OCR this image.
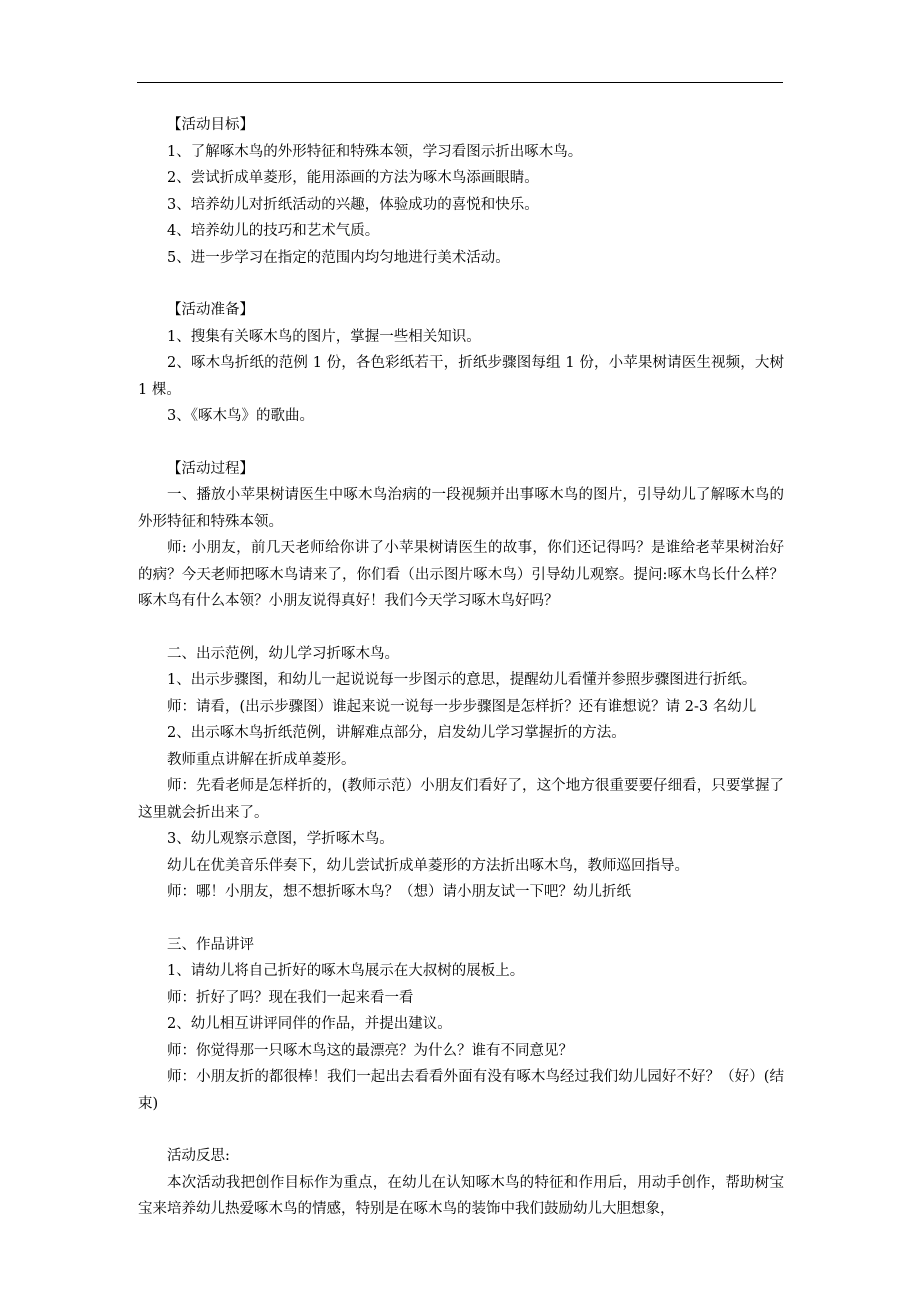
【活动目标】

1、了解啄木鸟的外形特征和特殊本领，学习看图示折出啄木鸟。

2、尝试折成单菱形，能用添画的方法为啄木鸟添画眼睛。

3、培养幼儿对折纸活动的兴趣，体验成功的喜悦和快乐。

4、培养幼儿的技巧和艺术气质。

5、进一步学习在指定的范围内均匀地进行美术活动。

【活动准备】

1、搜集有关啄木鸟的图片，掌握一些相关知识。

2、啄木鸟折纸的范例 1 份，各色彩纸若干，折纸步骤图每组 1 份，小苹果树请医生视频，大树 1 棵。

3、《啄木鸟》的歌曲。

【活动过程】

一、播放小苹果树请医生中啄木鸟治病的一段视频并出事啄木鸟的图片，引导幼儿了解啄木鸟的外形特征和特殊本领。

师: 小朋友，前几天老师给你讲了小苹果树请医生的故事，你们还记得吗？是谁给老苹果树治好的病？今天老师把啄木鸟请来了，你们看（出示图片啄木鸟）引导幼儿观察。提问:啄木鸟长什么样？啄木鸟有什么本领？小朋友说得真好！我们今天学习啄木鸟好吗？

二、出示范例，幼儿学习折啄木鸟。

1、出示步骤图，和幼儿一起说说每一步图示的意思，提醒幼儿看懂并参照步骤图进行折纸。

师：请看，(出示步骤图）谁起来说一说每一步步骤图是怎样折？还有谁想说？请 2-3 名幼儿

2、出示啄木鸟折纸范例，讲解难点部分，启发幼儿学习掌握折的方法。

教师重点讲解在折成单菱形。

师：先看老师是怎样折的，(教师示范）小朋友们看好了，这个地方很重要要仔细看，只要掌握了这里就会折出来了。

3、幼儿观察示意图，学折啄木鸟。

幼儿在优美音乐伴奏下，幼儿尝试折成单菱形的方法折出啄木鸟，教师巡回指导。

师：哪！小朋友，想不想折啄木鸟？（想）请小朋友试一下吧？幼儿折纸

三、作品讲评

1、请幼儿将自己折好的啄木鸟展示在大叔树的展板上。

师：折好了吗？现在我们一起来看一看

2、幼儿相互讲评同伴的作品，并提出建议。

师：你觉得那一只啄木鸟这的最漂亮？为什么？谁有不同意见？

师：小朋友折的都很棒！我们一起出去看看外面有没有啄木鸟经过我们幼儿园好不好？（好）(结束)

活动反思:

本次活动我把创作目标作为重点，在幼儿在认知啄木鸟的特征和作用后，用动手创作，帮助树宝宝来培养幼儿热爱啄木鸟的情感，特别是在啄木鸟的装饰中我们鼓励幼儿大胆想象，
